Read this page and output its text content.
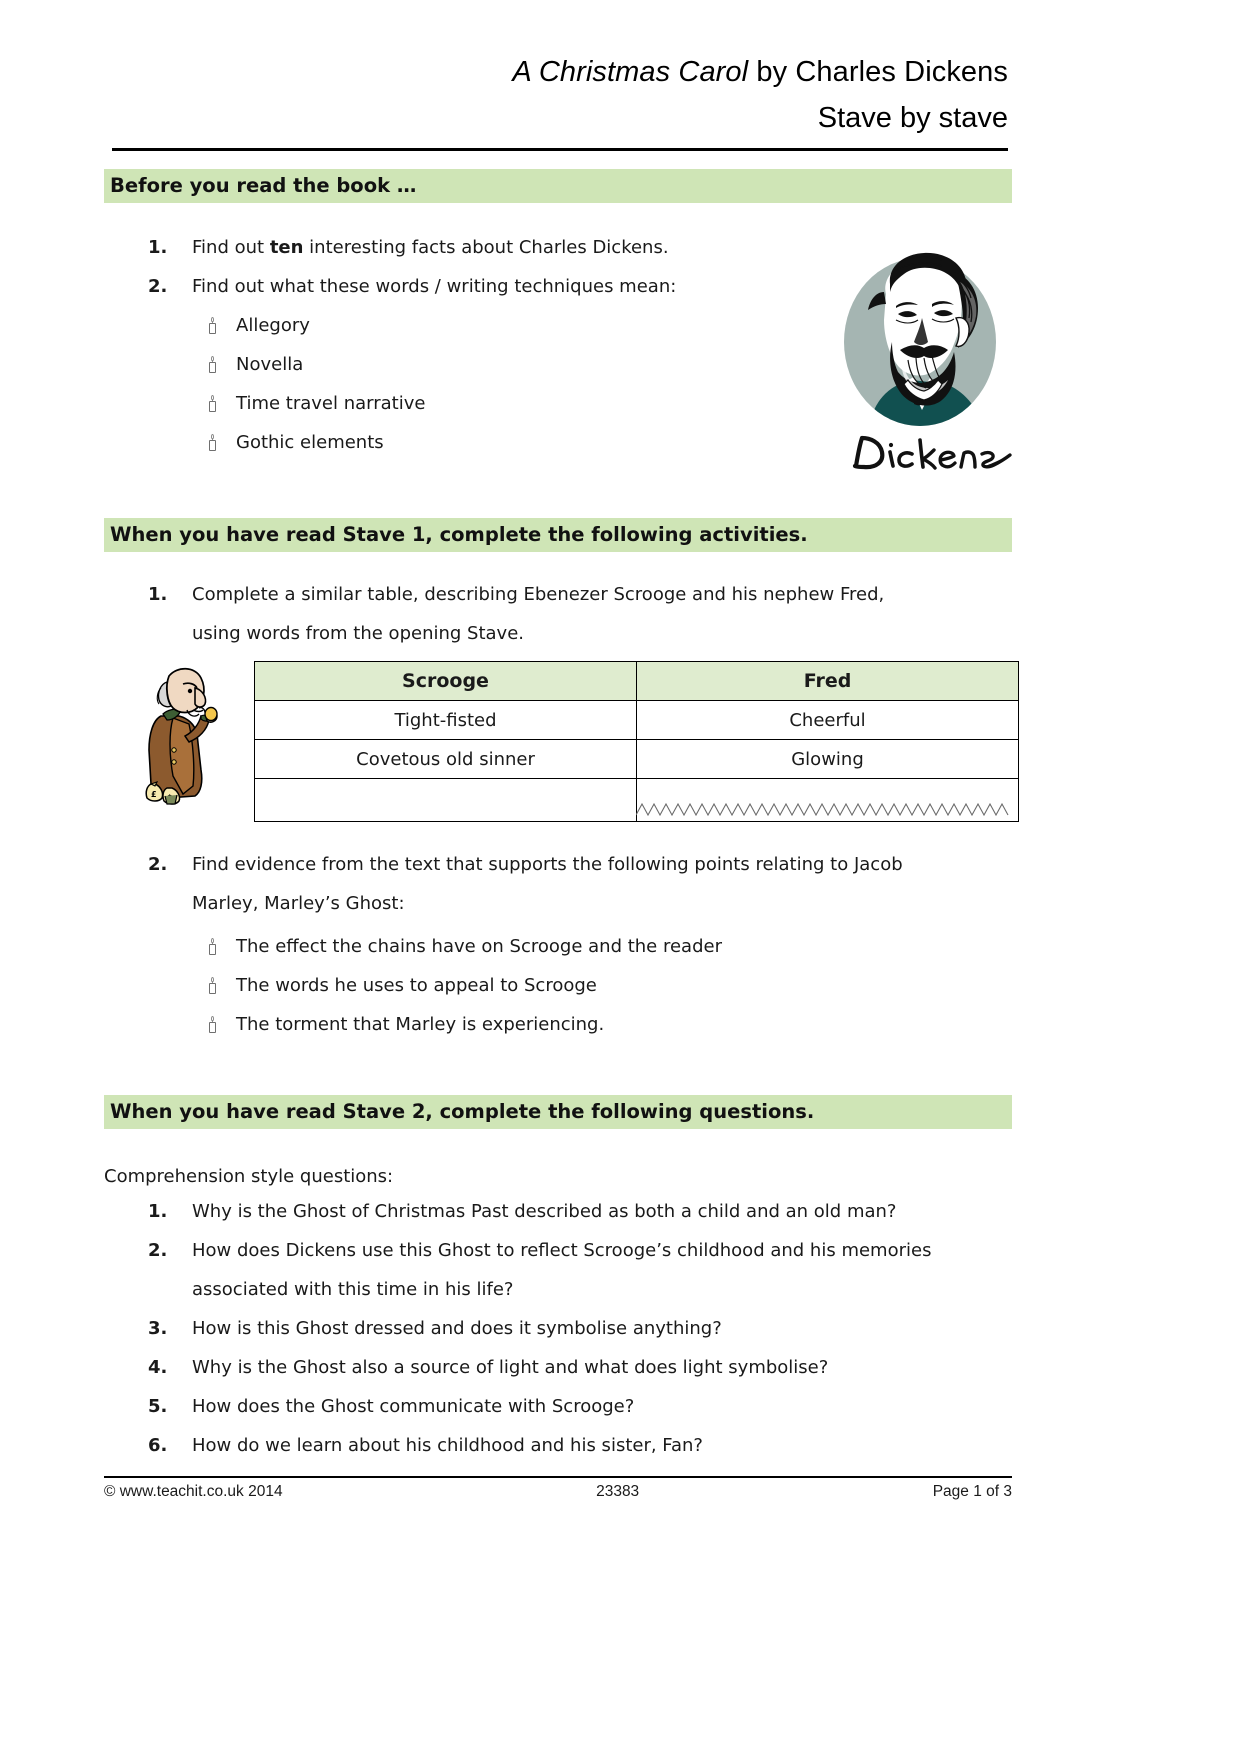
A Christmas Carol by Charles Dickens
Stave by stave
Before you read the book …
1.	Find out ten interesting facts about Charles Dickens.
2.	Find out what these words / writing techniques mean:
Allegory
Novella
Time travel narrative
Gothic elements
When you have read Stave 1, complete the following activities.
1.	Complete a similar table, describing Ebenezer Scrooge and his nephew Fred,
using words from the opening Stave.
£
Scrooge	Fred
Tight-fisted	Cheerful
Covetous old sinner	Glowing

2.	Find evidence from the text that supports the following points relating to Jacob
Marley, Marley’s Ghost:
The effect the chains have on Scrooge and the reader
The words he uses to appeal to Scrooge
The torment that Marley is experiencing.
When you have read Stave 2, complete the following questions.
Comprehension style questions:
1.	Why is the Ghost of Christmas Past described as both a child and an old man?
2.	How does Dickens use this Ghost to reflect Scrooge’s childhood and his memories
associated with this time in his life?
3.	How is this Ghost dressed and does it symbolise anything?
4.	Why is the Ghost also a source of light and what does light symbolise?
5.	How does the Ghost communicate with Scrooge?
6.	How do we learn about his childhood and his sister, Fan?
© www.teachit.co.uk 2014	23383	Page 1 of 3
